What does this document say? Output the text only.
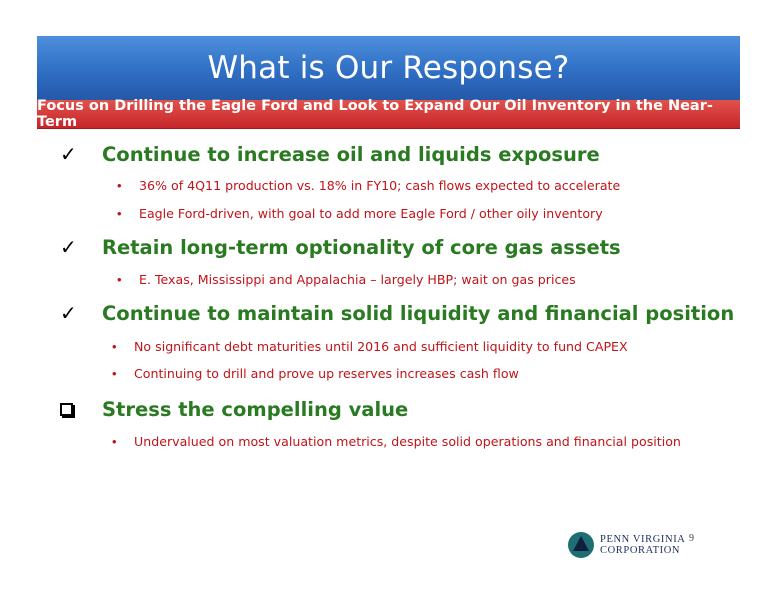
What is Our Response?
Focus on Drilling the Eagle Ford and Look to Expand Our Oil Inventory in the Near-Term
✓	Continue to increase oil and liquids exposure
•	36% of 4Q11 production vs. 18% in FY10; cash flows expected to accelerate
•	Eagle Ford-driven, with goal to add more Eagle Ford / other oily inventory
✓	Retain long-term optionality of core gas assets
•	E. Texas, Mississippi and Appalachia – largely HBP; wait on gas prices
✓	Continue to maintain solid liquidity and financial position
•	No significant debt maturities until 2016 and sufficient liquidity to fund CAPEX
•	Continuing to drill and prove up reserves increases cash flow
Stress the compelling value
•	Undervalued on most valuation metrics, despite solid operations and financial position
PENN VIRGINIA
CORPORATION
9
